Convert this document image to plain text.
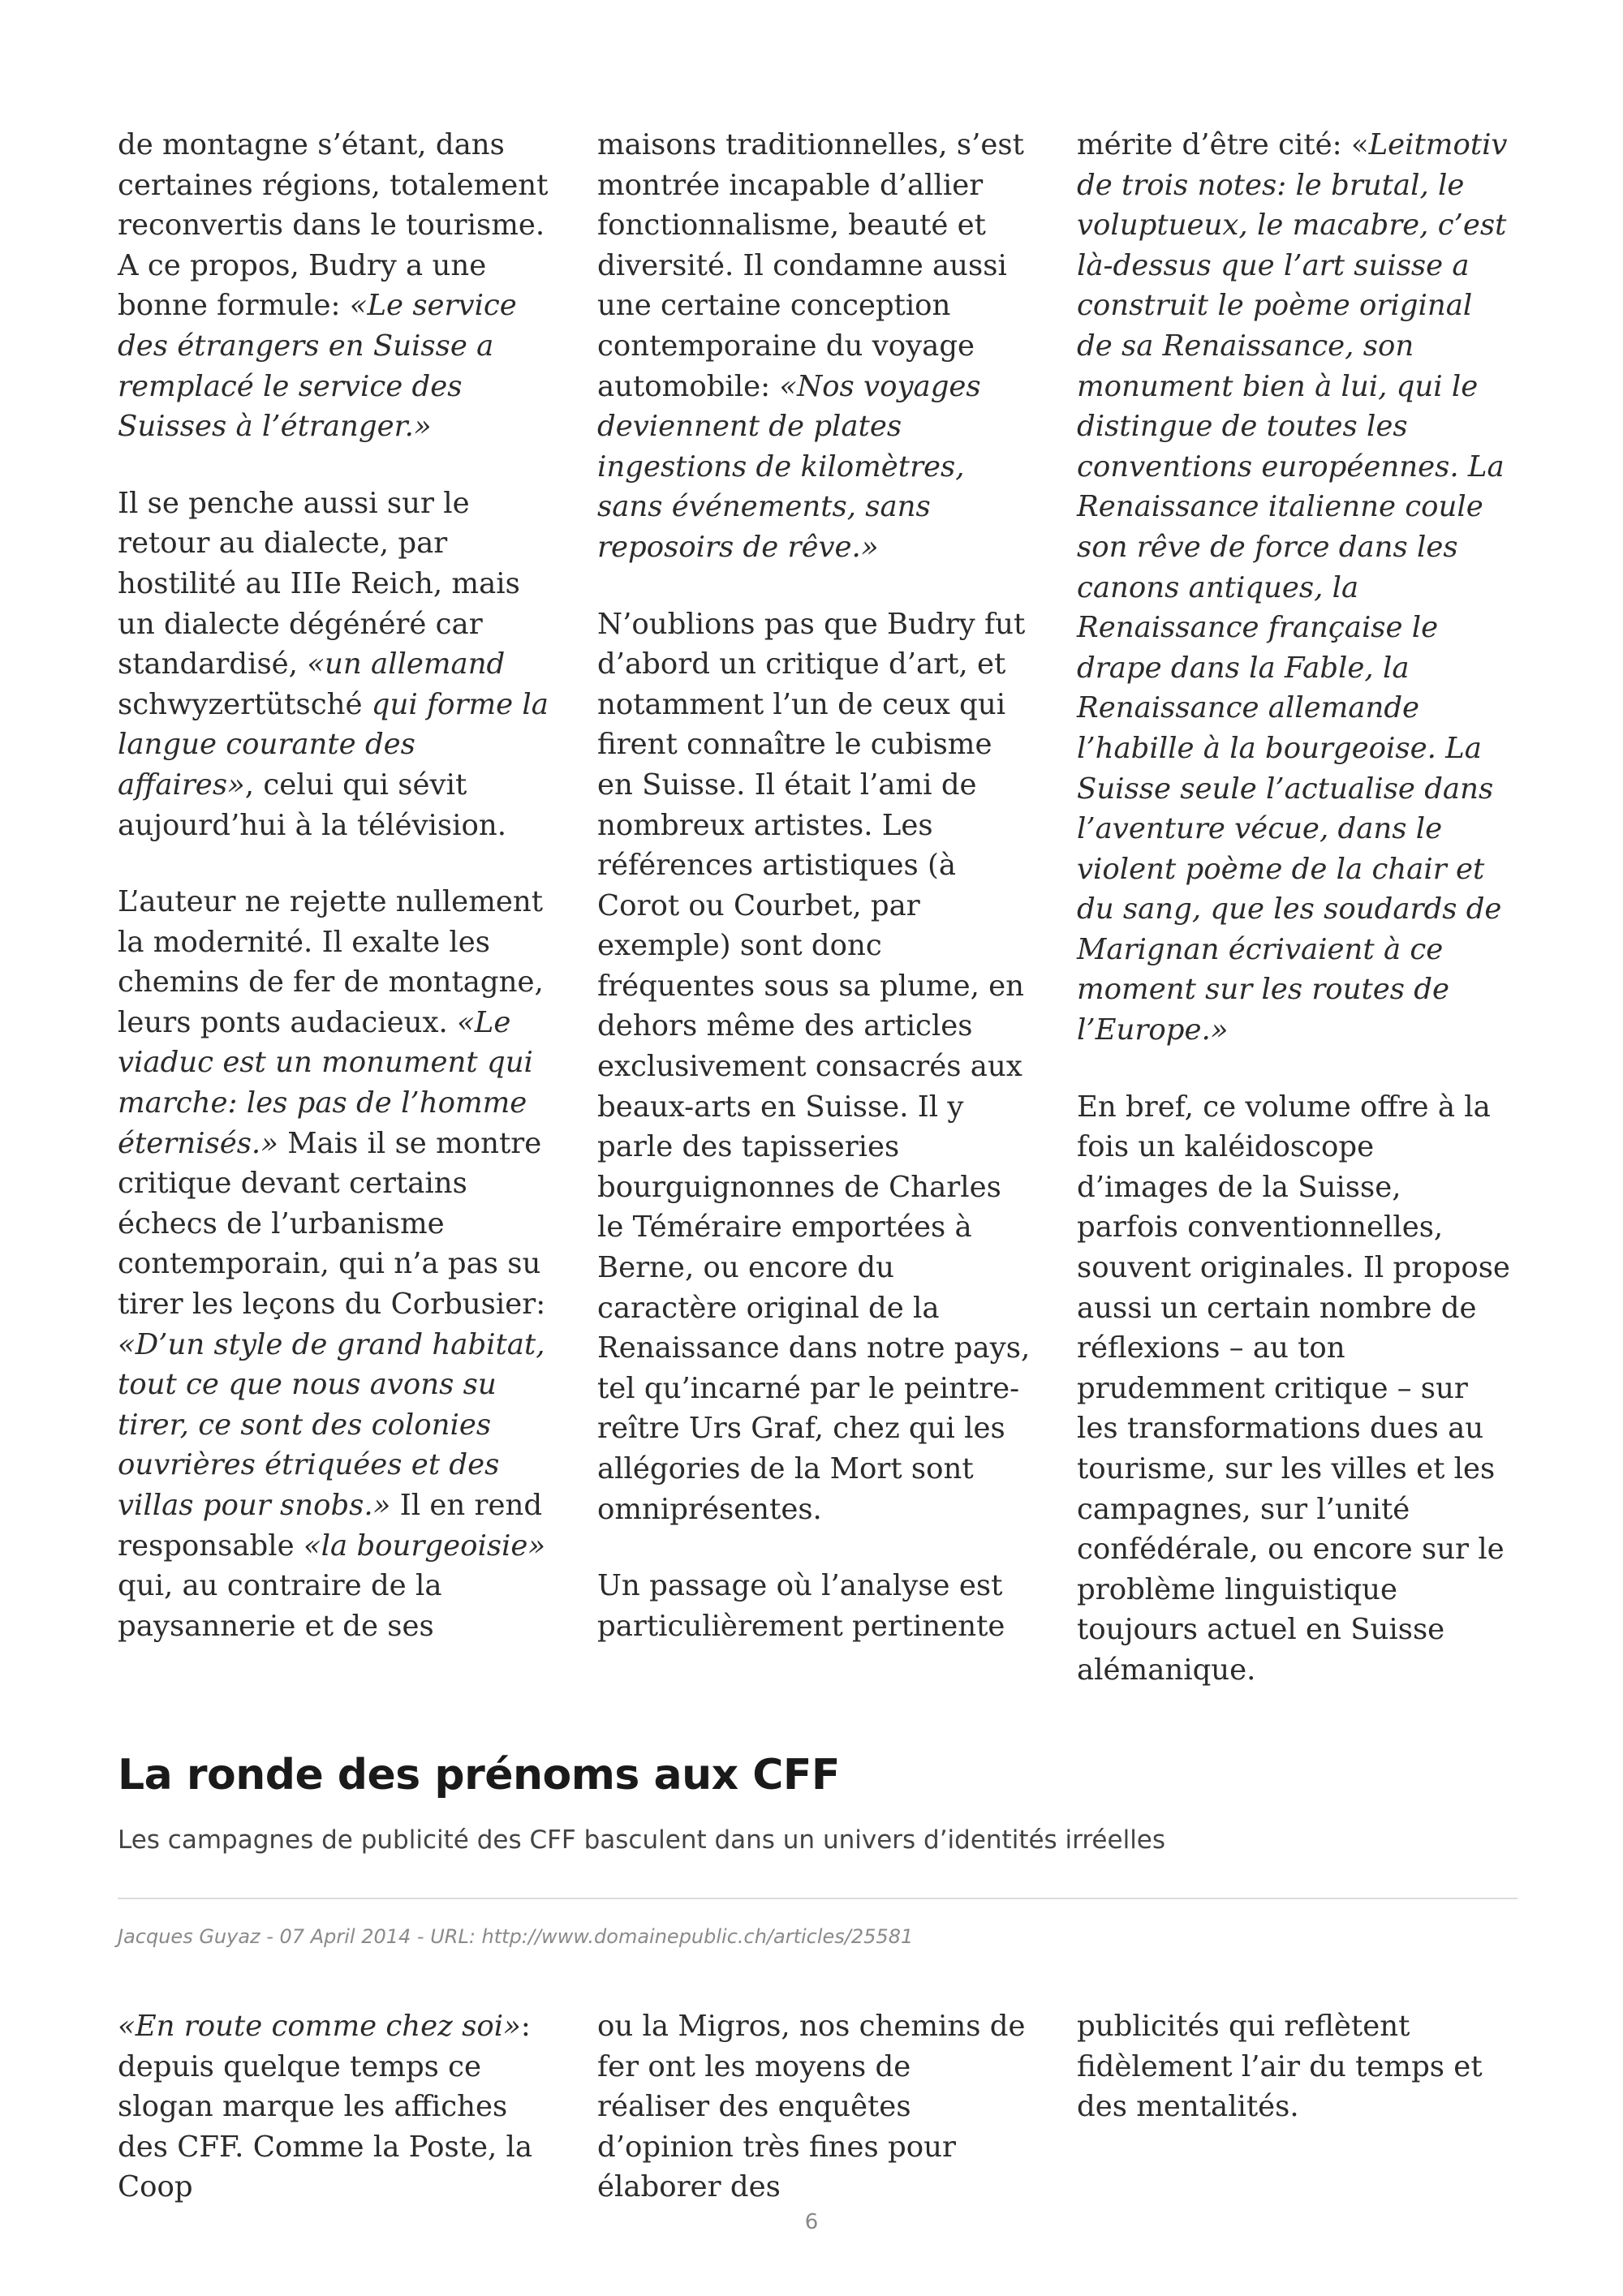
de montagne s’étant, dans certaines régions, totalement reconvertis dans le tourisme. A ce propos, Budry a une bonne formule: «Le service des étrangers en Suisse a remplacé le service des Suisses à l’étranger.»

Il se penche aussi sur le retour au dialecte, par hostilité au IIIe Reich, mais un dialecte dégénéré car standardisé, «un allemand schwyzertütsché qui forme la langue courante des affaires», celui qui sévit aujourd’hui à la télévision.

L’auteur ne rejette nullement la modernité. Il exalte les chemins de fer de montagne, leurs ponts audacieux. «Le viaduc est un monument qui marche: les pas de l’homme éternisés.» Mais il se montre critique devant certains échecs de l’urbanisme contemporain, qui n’a pas su tirer les leçons du Corbusier: «D’un style de grand habitat, tout ce que nous avons su tirer, ce sont des colonies ouvrières étriquées et des villas pour snobs.» Il en rend responsable «la bourgeoisie» qui, au contraire de la paysannerie et de ses

maisons traditionnelles, s’est montrée incapable d’allier fonctionnalisme, beauté et diversité. Il condamne aussi une certaine conception contemporaine du voyage automobile: «Nos voyages deviennent de plates ingestions de kilomètres, sans événements, sans reposoirs de rêve.»

N’oublions pas que Budry fut d’abord un critique d’art, et notamment l’un de ceux qui firent connaître le cubisme en Suisse. Il était l’ami de nombreux artistes. Les références artistiques (à Corot ou Courbet, par exemple) sont donc fréquentes sous sa plume, en dehors même des articles exclusivement consacrés aux beaux-arts en Suisse. Il y parle des tapisseries bourguignonnes de Charles le Téméraire emportées à Berne, ou encore du caractère original de la Renaissance dans notre pays, tel qu’incarné par le peintre-reître Urs Graf, chez qui les allégories de la Mort sont omniprésentes.

Un passage où l’analyse est particulièrement pertinente

mérite d’être cité: «Leitmotiv de trois notes: le brutal, le voluptueux, le macabre, c’est là-dessus que l’art suisse a construit le poème original de sa Renaissance, son monument bien à lui, qui le distingue de toutes les conventions européennes. La Renaissance italienne coule son rêve de force dans les canons antiques, la Renaissance française le drape dans la Fable, la Renaissance allemande l’habille à la bourgeoise. La Suisse seule l’actualise dans l’aventure vécue, dans le violent poème de la chair et du sang, que les soudards de Marignan écrivaient à ce moment sur les routes de l’Europe.»

En bref, ce volume offre à la fois un kaléidoscope d’images de la Suisse, parfois conventionnelles, souvent originales. Il propose aussi un certain nombre de réflexions – au ton prudemment critique – sur les transformations dues au tourisme, sur les villes et les campagnes, sur l’unité confédérale, ou encore sur le problème linguistique toujours actuel en Suisse alémanique.

La ronde des prénoms aux CFF

Les campagnes de publicité des CFF basculent dans un univers d’identités irréelles

Jacques Guyaz - 07 April 2014 - URL: http://www.domainepublic.ch/articles/25581

«En route comme chez soi»: depuis quelque temps ce slogan marque les affiches des CFF. Comme la Poste, la Coop

ou la Migros, nos chemins de fer ont les moyens de réaliser des enquêtes d’opinion très fines pour élaborer des

publicités qui reflètent fidèlement l’air du temps et des mentalités.

6
